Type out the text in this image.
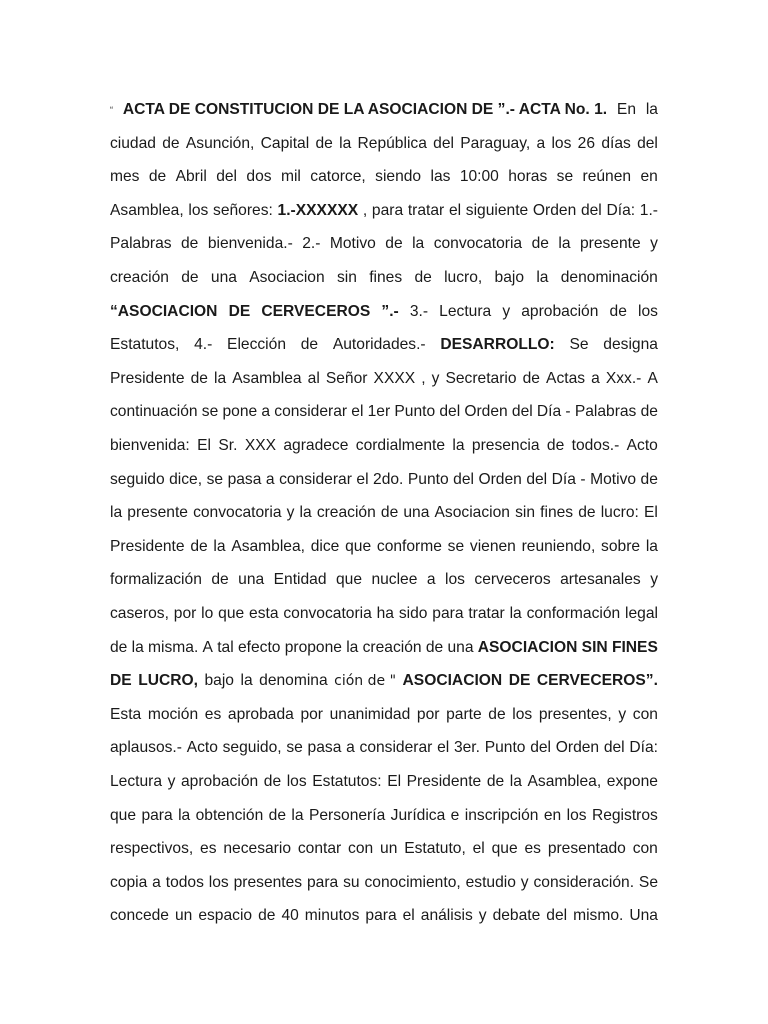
“ ACTA DE CONSTITUCION DE LA ASOCIACION DE ”.- ACTA No. 1. En la
ciudad de Asunción, Capital de la República del Paraguay, a los 26 días del
mes de Abril del dos mil catorce, siendo las 10:00 horas se reúnen en
Asamblea, los señores: 1.-XXXXXX , para tratar el siguiente Orden del Día: 1.-
Palabras de bienvenida.- 2.- Motivo de la convocatoria de la presente y
creación de una Asociacion sin fines de lucro, bajo la denominación
“ASOCIACION DE CERVECEROS ”.- 3.- Lectura y aprobación de los
Estatutos, 4.- Elección de Autoridades.- DESARROLLO: Se designa
Presidente de la Asamblea al Señor XXXX , y Secretario de Actas a Xxx.- A
continuación se pone a considerar el 1er Punto del Orden del Día - Palabras de
bienvenida: El Sr. XXX agradece cordialmente la presencia de todos.- Acto
seguido dice, se pasa a considerar el 2do. Punto del Orden del Día - Motivo de
la presente convocatoria y la creación de una Asociacion sin fines de lucro: El
Presidente de la Asamblea, dice que conforme se vienen reuniendo, sobre la
formalización de una Entidad que nuclee a los cerveceros artesanales y
caseros, por lo que esta convocatoria ha sido para tratar la conformación legal
de la misma. A tal efecto propone la creación de una ASOCIACION SIN FINES
DE LUCRO, bajo la denomina ción de " ASOCIACION DE CERVECEROS”.
Esta moción es aprobada por unanimidad por parte de los presentes, y con
aplausos.- Acto seguido, se pasa a considerar el 3er. Punto del Orden del Día:
Lectura y aprobación de los Estatutos: El Presidente de la Asamblea, expone
que para la obtención de la Personería Jurídica e inscripción en los Registros
respectivos, es necesario contar con un Estatuto, el que es presentado con
copia a todos los presentes para su conocimiento, estudio y consideración. Se
concede un espacio de 40 minutos para el análisis y debate del mismo. Una
